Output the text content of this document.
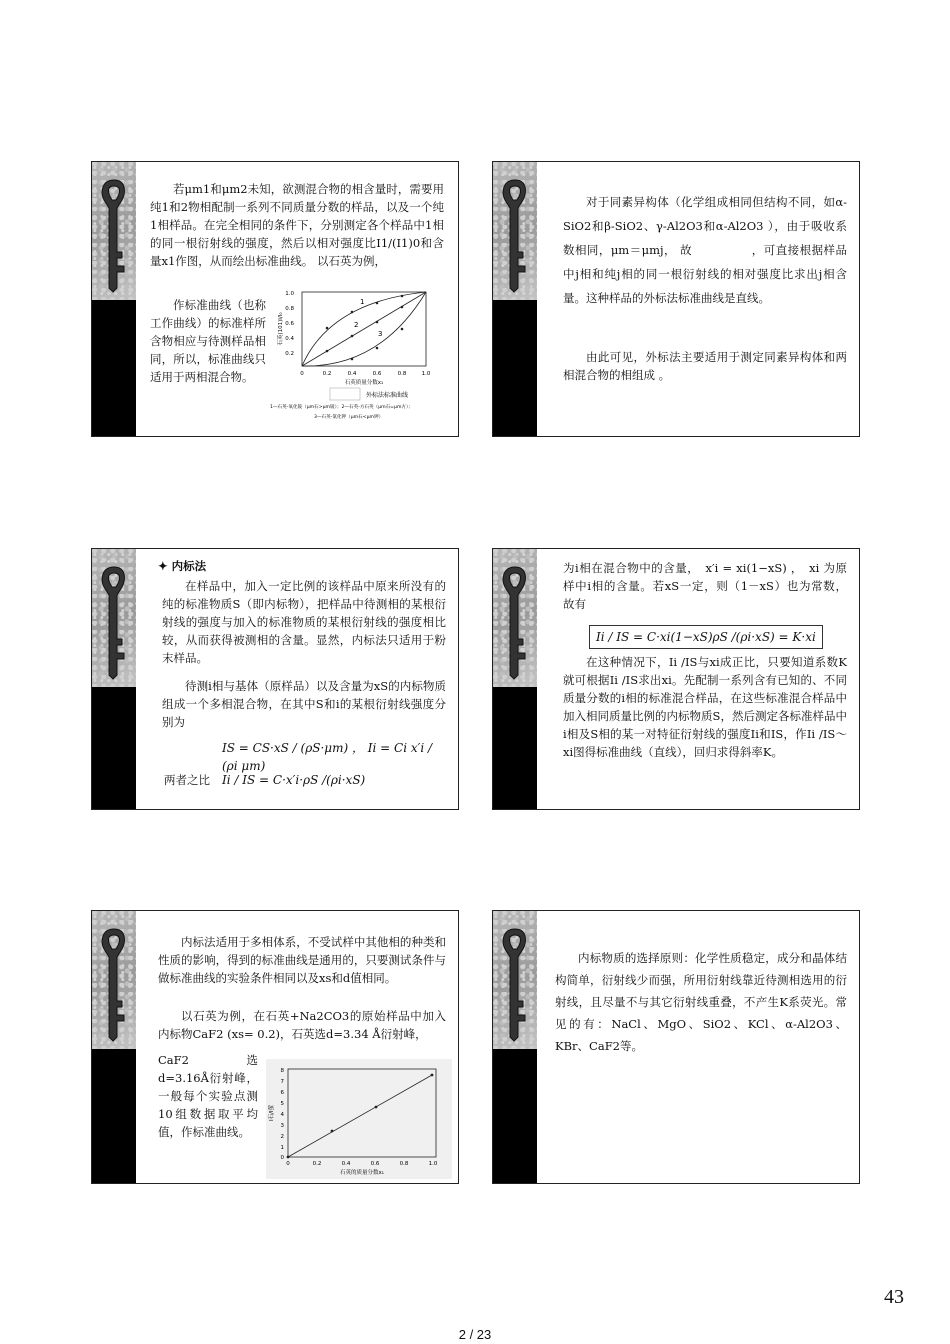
若μm1和μm2未知，欲测混合物的相含量时，需要用纯1和2物相配制一系列不同质量分数的样品，以及一个纯1相样品。在完全相同的条件下，分别测定各个样品中1相的同一根衍射线的强度，然后以相对强度比I1/(I1)0和含量x1作图，从而绘出标准曲线。 以石英为例，

作标准曲线（也称工作曲线）的标准样所含物相应与待测样品相同，所以，标准曲线只适用于两相混合物。

1
2
3
1.0
0.8
0.6
0.4
0.2
0	0.2	0.4	0.6	0.8	1.0
石英质量分数x₁
石英(101)I/I₀
外标法标准曲线
1—石英-氧化铍（μm石>μm铍）；2—石英-方石英（μm石=μm方）；
3—石英-氯化钾（μm石<μm钾）

对于同素异构体（化学组成相同但结构不同，如α-SiO2和β-SiO2、γ-Al2O3和α-Al2O3 ），由于吸收系数相同，μm＝μmj， 故　　　　　，可直接根据样品中j相和纯j相的同一根衍射线的相对强度比求出j相含量。这种样品的外标法标准曲线是直线。

由此可见，外标法主要适用于测定同素异构体和两相混合物的相组成 。

✦ 内标法

在样品中，加入一定比例的该样品中原来所没有的纯的标准物质S（即内标物），把样品中待测相的某根衍射线的强度与加入的标准物质的某根衍射线的强度相比较，从而获得被测相的含量。显然，内标法只适用于粉末样品。

待测i相与基体（原样品）以及含量为xS的内标物质组成一个多相混合物，在其中S和i的某根衍射线强度分别为

IS = CS·xS / (ρS·μm) ， Ii = Ci x′i / (ρi μm)
两者之比 Ii / IS = C·x′i·ρS /(ρi·xS)

为i相在混合物中的含量，　x′i = xi(1−xS) ，　xi 为原样中i相的含量。若xS一定，则（1－xS）也为常数， 故有

Ii / IS = C·xi(1−xS)ρS /(ρi·xS) = K·xi

在这种情况下，Ii /IS与xi成正比，只要知道系数K就可根据Ii /IS求出xi。先配制一系列含有已知的、不同质量分数的i相的标准混合样品，在这些标准混合样品中加入相同质量比例的内标物质S，然后测定各标准样品中i相及S相的某一对特征衍射线的强度Ii和IS，作Ii /IS～xi图得标准曲线（直线），回归求得斜率K。

内标法适用于多相体系，不受试样中其他相的种类和性质的影响，得到的标准曲线是通用的，只要测试条件与做标准曲线的实验条件相同以及xs和d值相同。

以石英为例，在石英+Na2CO3的原始样品中加入内标物CaF2 (xs= 0.2)，石英选d=3.34 Å衍射峰，

CaF2 选 d=3.16Å衍射峰，一般每个实验点测10组数据取平均值，作标准曲线。

8
7
6
5
4
3
2
1
0
0	0.2	0.4	0.6	0.8	1.0
石英的质量分数x₁
I石/I萤

内标物质的选择原则：化学性质稳定，成分和晶体结构简单，衍射线少而强，所用衍射线靠近待测相选用的衍射线，且尽量不与其它衍射线重叠，不产生K系荧光。常见的有：NaCl、MgO、SiO2、KCl、α-Al2O3、KBr、CaF2等。

43
2 / 23
